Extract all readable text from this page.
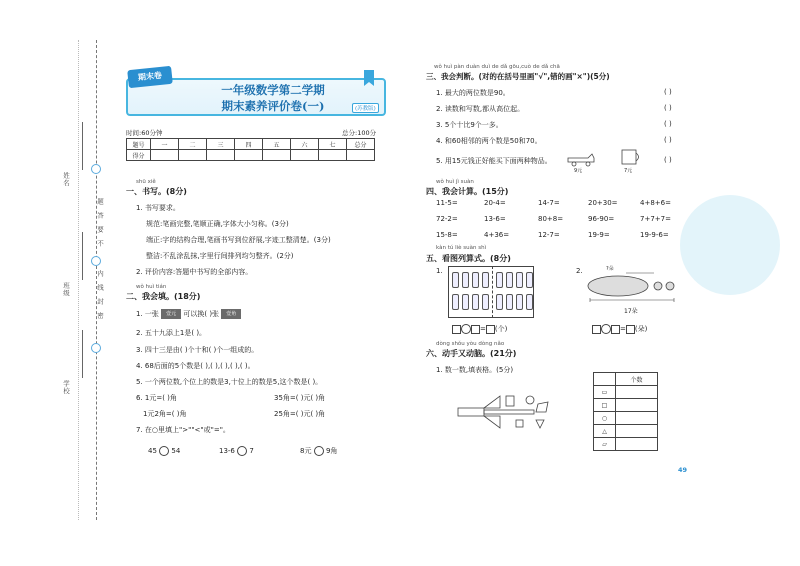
姓名
班级
学校
题
答
要
不
内
线
封
密
一年级数学第二学期
期末素养评价卷(一)
期末卷
(苏教版)
时间:60分钟	总分:100分
题号	一	二	三	四	五	六	七	总分
得分								
shū xiě
一、书写。(8分)
1. 书写要求。
规范:笔画完整,笔顺正确,字体大小匀称。(3分)
端正:字的结构合理,笔画书写到位舒展,字迹工整清楚。(3分)
整洁:不乱涂乱抹,字里行间排列均匀整齐。(2分)
2. 评价内容:答题中书写的全部内容。
wǒ huì tián
二、我会填。(18分)
1. 一张 壹元 可以换( )张 壹角
2. 五十九添上1是( )。
3. 四十三是由( )个十和( )个一组成的。
4. 68后面的5个数是( ),( ),( ),( ),( )。
5. 一个两位数,个位上的数是3,十位上的数是5,这个数是( )。
6. 1元=( )角	35角=( )元( )角
1元2角=( )角	25角=( )元( )角
7. 在○里填上">""<"或"="。
45 54	13-6 7	8元 9角
wǒ huì pàn duàn duì de dǎ gōu,cuò de dǎ chā
三、我会判断。(对的在括号里画"√",错的画"×")(5分)
1. 最大的两位数是90。
2. 读数和写数,都从高位起。
3. 5个十比9个一多。
4. 和60相邻的两个数是50和70。
5. 用15元钱正好能买下面两种物品。
( )
( )
( )
( )
( )
9元	7元
wǒ huì jì suàn
四、我会计算。(15分)
11-5=	20-4=	14-7=	20+30=	4+8+6=
72-2=	13-6=	80+8=	96-90=	7+7+7=
15-8=	4+36=	12-7=	19-9=	19-9-6=
kàn tú liè suàn shì
五、看图列算式。(8分)
1.	2.	?朵
17朵
= (个)	= (朵)
dòng shǒu yòu dòng nǎo
六、动手又动脑。(21分)
1. 数一数,填表格。(5分)
	个数
▭	
□	
○	
△	
▱	
49
